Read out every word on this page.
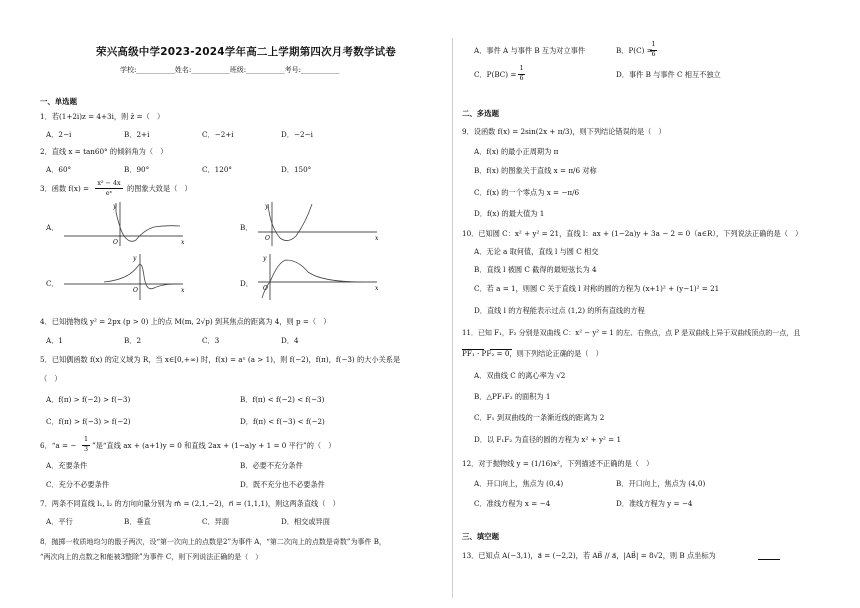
荣兴高级中学2023-2024学年高二上学期第四次月考数学试卷
学校:___________姓名:___________班级:___________考号:___________
一、单选题
1．若(1+2i)z = 4+3i，则 z̄ =（　）
A．2−i	B．2+i	C．−2+i	D．−2−i
2．直线 x = tan60° 的倾斜角为（　）
A．60°	B．90°	C．120°	D．150°
3．函数 f(x) =
x² − 4x
eˣ	的图象大致是（　）
A．
y
x
O
B．
y
x
O
C．
y
x
O
D．
y
x
O
4．已知抛物线 y² = 2px (p > 0) 上的点 M(m, 2√p) 到其焦点的距离为 4，则 p =（　）
A．1	B．2	C．3	D．4
5．已知偶函数 f(x) 的定义域为 R，当 x∈[0,+∞) 时，f(x) = aˣ (a > 1)，则 f(−2)，f(π)，f(−3) 的大小关系是
（　）
A．f(π) > f(−2) > f(−3)	B．f(π) < f(−2) < f(−3)
C．f(π) > f(−3) > f(−2)	D．f(π) < f(−3) < f(−2)
6．“a = −
1
3 ”是“直线 ax + (a+1)y = 0 和直线 2ax + (1−a)y + 1 = 0 平行”的（　）
A．充要条件	B．必要不充分条件
C．充分不必要条件	D．既不充分也不必要条件
7．两条不同直线 l₁, l₂ 的方向向量分别为 m⃗ = (2,1,−2)，n⃗ = (1,1,1)，则这两条直线（　）
A．平行	B．垂直	C．异面	D．相交或异面
8．抛掷一枚质地均匀的骰子两次，设“第一次向上的点数是2”为事件 A，“第二次向上的点数是奇数”为事件 B，
“两次向上的点数之和能被3整除”为事件 C，则下列说法正确的是（　）
A．事件 A 与事件 B 互为对立事件	B．P(C) =
1
6
C．P(BC) =
1
6	D．事件 B 与事件 C 相互不独立
二、多选题
9．设函数 f(x) = 2sin(2x + π/3)，则下列结论错误的是（　）
A．f(x) 的最小正周期为 π
B．f(x) 的图象关于直线 x = π/6 对称
C．f(x) 的一个零点为 x = −π/6
D．f(x) 的最大值为 1
10．已知圆 C：x² + y² = 21，直线 l：ax + (1−2a)y + 3a − 2 = 0（a∈R），下列说法正确的是（　）
A．无论 a 取何值，直线 l 与圆 C 相交
B．直线 l 被圆 C 截得的最短弦长为 4
C．若 a = 1，则圆 C 关于直线 l 对称的圆的方程为 (x+1)² + (y−1)² = 21
D．直线 l 的方程能表示过点 (1,2) 的所有直线的方程
11．已知 F₁，F₂ 分别是双曲线 C：x² − y² = 1 的左、右焦点，点 P 是双曲线上异于双曲线顶点的一点，且
PF₁ · PF₂ = 0，则下列结论正确的是（　）
A．双曲线 C 的离心率为 √2
B．△PF₁F₂ 的面积为 1
C．F₁ 到双曲线的一条渐近线的距离为 2
D．以 F₁F₂ 为直径的圆的方程为 x² + y² = 1
12．对于抛物线 y = (1/16)x²，下列描述不正确的是（　）
A．开口向上，焦点为 (0,4)	B．开口向上，焦点为 (4,0)
C．准线方程为 x = −4	D．准线方程为 y = −4
三、填空题
13．已知点 A(−3,1)，a⃗ = (−2,2)，若 AB⃗ // a⃗，|AB⃗| = 8√2，则 B 点坐标为
